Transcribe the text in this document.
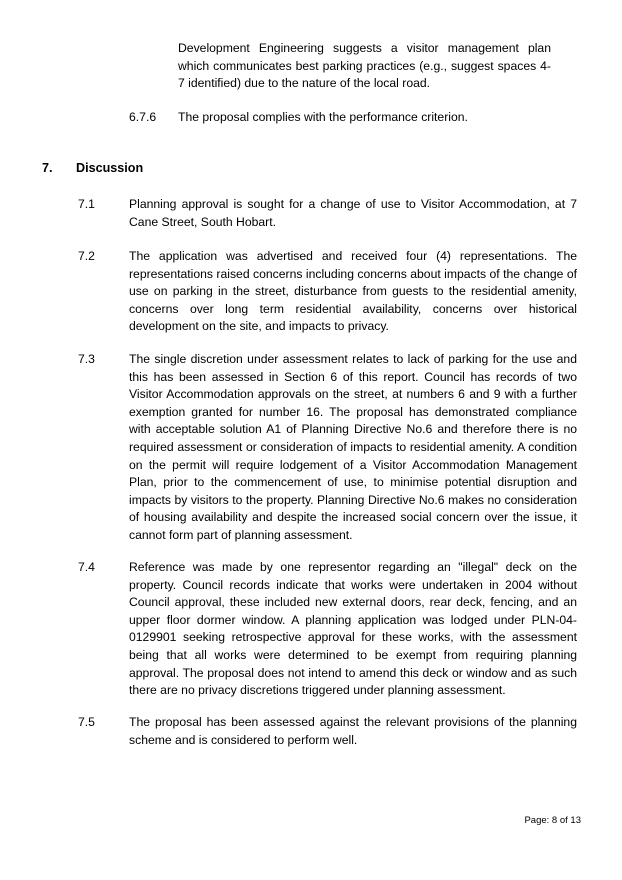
Development Engineering suggests a visitor management plan which communicates best parking practices (e.g., suggest spaces 4-7 identified) due to the nature of the local road.
6.7.6 The proposal complies with the performance criterion.
7. Discussion
7.1	Planning approval is sought for a change of use to Visitor Accommodation, at 7 Cane Street, South Hobart.
7.2	The application was advertised and received four (4) representations. The representations raised concerns including concerns about impacts of the change of use on parking in the street, disturbance from guests to the residential amenity, concerns over long term residential availability, concerns over historical development on the site, and impacts to privacy.
7.3	The single discretion under assessment relates to lack of parking for the use and this has been assessed in Section 6 of this report. Council has records of two Visitor Accommodation approvals on the street, at numbers 6 and 9 with a further exemption granted for number 16. The proposal has demonstrated compliance with acceptable solution A1 of Planning Directive No.6 and therefore there is no required assessment or consideration of impacts to residential amenity. A condition on the permit will require lodgement of a Visitor Accommodation Management Plan, prior to the commencement of use, to minimise potential disruption and impacts by visitors to the property. Planning Directive No.6 makes no consideration of housing availability and despite the increased social concern over the issue, it cannot form part of planning assessment.
7.4	Reference was made by one representor regarding an "illegal" deck on the property. Council records indicate that works were undertaken in 2004 without Council approval, these included new external doors, rear deck, fencing, and an upper floor dormer window. A planning application was lodged under PLN-04-0129901 seeking retrospective approval for these works, with the assessment being that all works were determined to be exempt from requiring planning approval. The proposal does not intend to amend this deck or window and as such there are no privacy discretions triggered under planning assessment.
7.5	The proposal has been assessed against the relevant provisions of the planning scheme and is considered to perform well.
Page: 8 of 13
